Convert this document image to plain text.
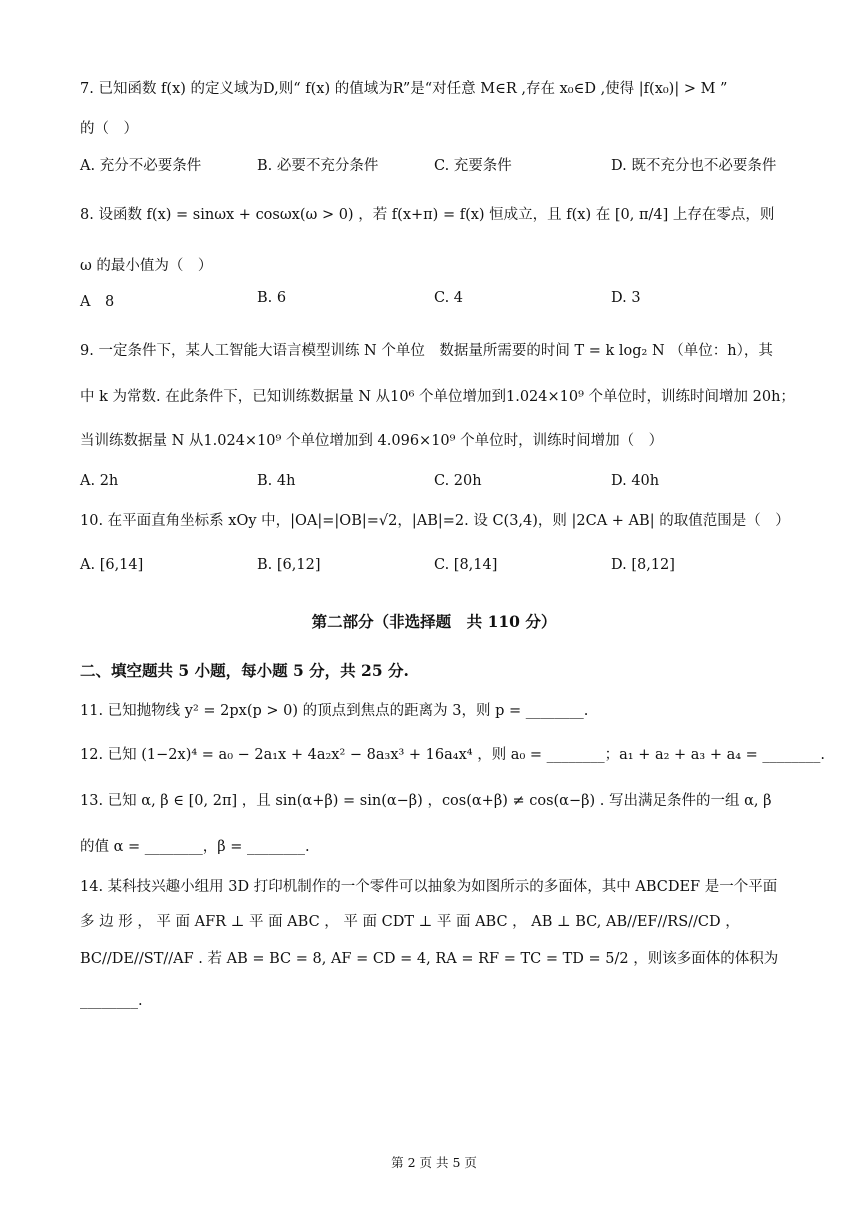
7. 已知函数 f(x) 的定义域为D,则“ f(x) 的值域为R”是“对任意 M∈R ,存在 x₀∈D ,使得 |f(x₀)| > M ”
的（　）
A. 充分不必要条件	B. 必要不充分条件	C. 充要条件	D. 既不充分也不必要条件
8. 设函数 f(x) = sinωx + cosωx(ω > 0) ，若 f(x+π) = f(x) 恒成立，且 f(x) 在 [0, π/4] 上存在零点，则
ω 的最小值为（　）
A　8	B. 6	C. 4	D. 3
9. 一定条件下，某人工智能大语言模型训练 N 个单位　数据量所需要的时间 T = k log₂ N （单位：h），其
中 k 为常数. 在此条件下，已知训练数据量 N 从10⁶ 个单位增加到1.024×10⁹ 个单位时，训练时间增加 20h；
当训练数据量 N 从1.024×10⁹ 个单位增加到 4.096×10⁹ 个单位时，训练时间增加（　）
A. 2h	B. 4h	C. 20h	D. 40h
10. 在平面直角坐标系 xOy 中，|OA|=|OB|=√2，|AB|=2. 设 C(3,4)，则 |2CA + AB| 的取值范围是（　）
A. [6,14]	B. [6,12]	C. [8,14]	D. [8,12]
第二部分（非选择题　共 110 分）
二、填空题共 5 小题，每小题 5 分，共 25 分.
11. 已知抛物线 y² = 2px(p > 0) 的顶点到焦点的距离为 3，则 p = ________.
12. 已知 (1−2x)⁴ = a₀ − 2a₁x + 4a₂x² − 8a₃x³ + 16a₄x⁴ ，则 a₀ = ________；a₁ + a₂ + a₃ + a₄ = ________.
13. 已知 α, β ∈ [0, 2π] ，且 sin(α+β) = sin(α−β) ，cos(α+β) ≠ cos(α−β) . 写出满足条件的一组 α, β
的值 α = ________，β = ________.
14. 某科技兴趣小组用 3D 打印机制作的一个零件可以抽象为如图所示的多面体，其中 ABCDEF 是一个平面
多 边 形 ， 平 面 AFR ⊥ 平 面 ABC ， 平 面 CDT ⊥ 平 面 ABC ， AB ⊥ BC, AB//EF//RS//CD ，
BC//DE//ST//AF . 若 AB = BC = 8, AF = CD = 4, RA = RF = TC = TD = 5/2 ，则该多面体的体积为
________.
第 2 页 共 5 页
